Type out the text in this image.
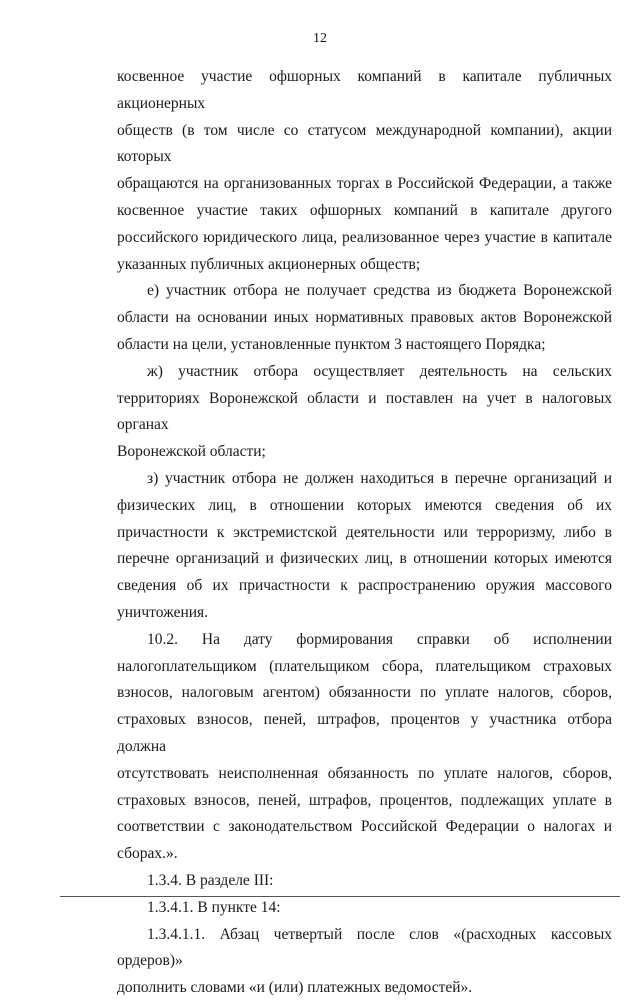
12

косвенное участие офшорных компаний в капитале публичных акционерных
обществ (в том числе со статусом международной компании), акции которых
обращаются на организованных торгах в Российской Федерации, а также
косвенное участие таких офшорных компаний в капитале другого
российского юридического лица, реализованное через участие в капитале
указанных публичных акционерных обществ;

е) участник отбора не получает средства из бюджета Воронежской
области на основании иных нормативных правовых актов Воронежской
области на цели, установленные пунктом 3 настоящего Порядка;

ж) участник отбора осуществляет деятельность на сельских
территориях Воронежской области и поставлен на учет в налоговых органах
Воронежской области;

з) участник отбора не должен находиться в перечне организаций и
физических лиц, в отношении которых имеются сведения об их
причастности к экстремистской деятельности или терроризму, либо в
перечне организаций и физических лиц, в отношении которых имеются
сведения об их причастности к распространению оружия массового
уничтожения.

10.2. На дату формирования справки об исполнении
налогоплательщиком (плательщиком сбора, плательщиком страховых
взносов, налоговым агентом) обязанности по уплате налогов, сборов,
страховых взносов, пеней, штрафов, процентов у участника отбора должна
отсутствовать неисполненная обязанность по уплате налогов, сборов,
страховых взносов, пеней, штрафов, процентов, подлежащих уплате в
соответствии с законодательством Российской Федерации о налогах и
сборах.».

1.3.4. В разделе III:

1.3.4.1. В пункте 14:

1.3.4.1.1. Абзац четвертый после слов «(расходных кассовых ордеров)»
дополнить словами «и (или) платежных ведомостей».
